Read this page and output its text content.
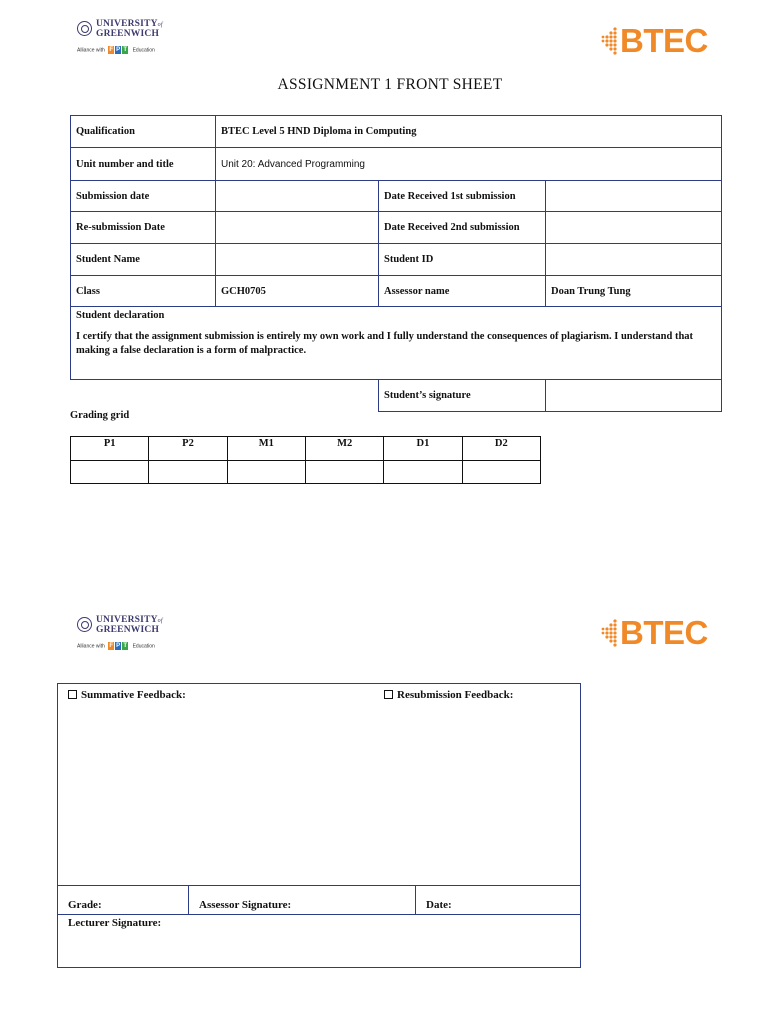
UNIVERSITYof
GREENWICH
Alliance with F P T Education	BTEC
ASSIGNMENT 1 FRONT SHEET
Qualification	BTEC Level 5 HND Diploma in Computing		
Unit number and title	Unit 20: Advanced Programming		
Submission date		Date Received 1st submission	
Re-submission Date		Date Received 2nd submission	
Student Name		Student ID	
Class	GCH0705	Assessor name	Doan Trung Tung

Student declaration

I certify that the assignment submission is entirely my own work and I fully understand the consequences of plagiarism. I understand that making a false declaration is a form of malpractice.			

		Student’s signature	
Grading grid
P1	P2	M1	M2	D1	D2

UNIVERSITYof
GREENWICH
Alliance with F P T Education	BTEC
Summative Feedback:	Resubmission Feedback:
Grade:	Assessor Signature:	Date:
Lecturer Signature:
